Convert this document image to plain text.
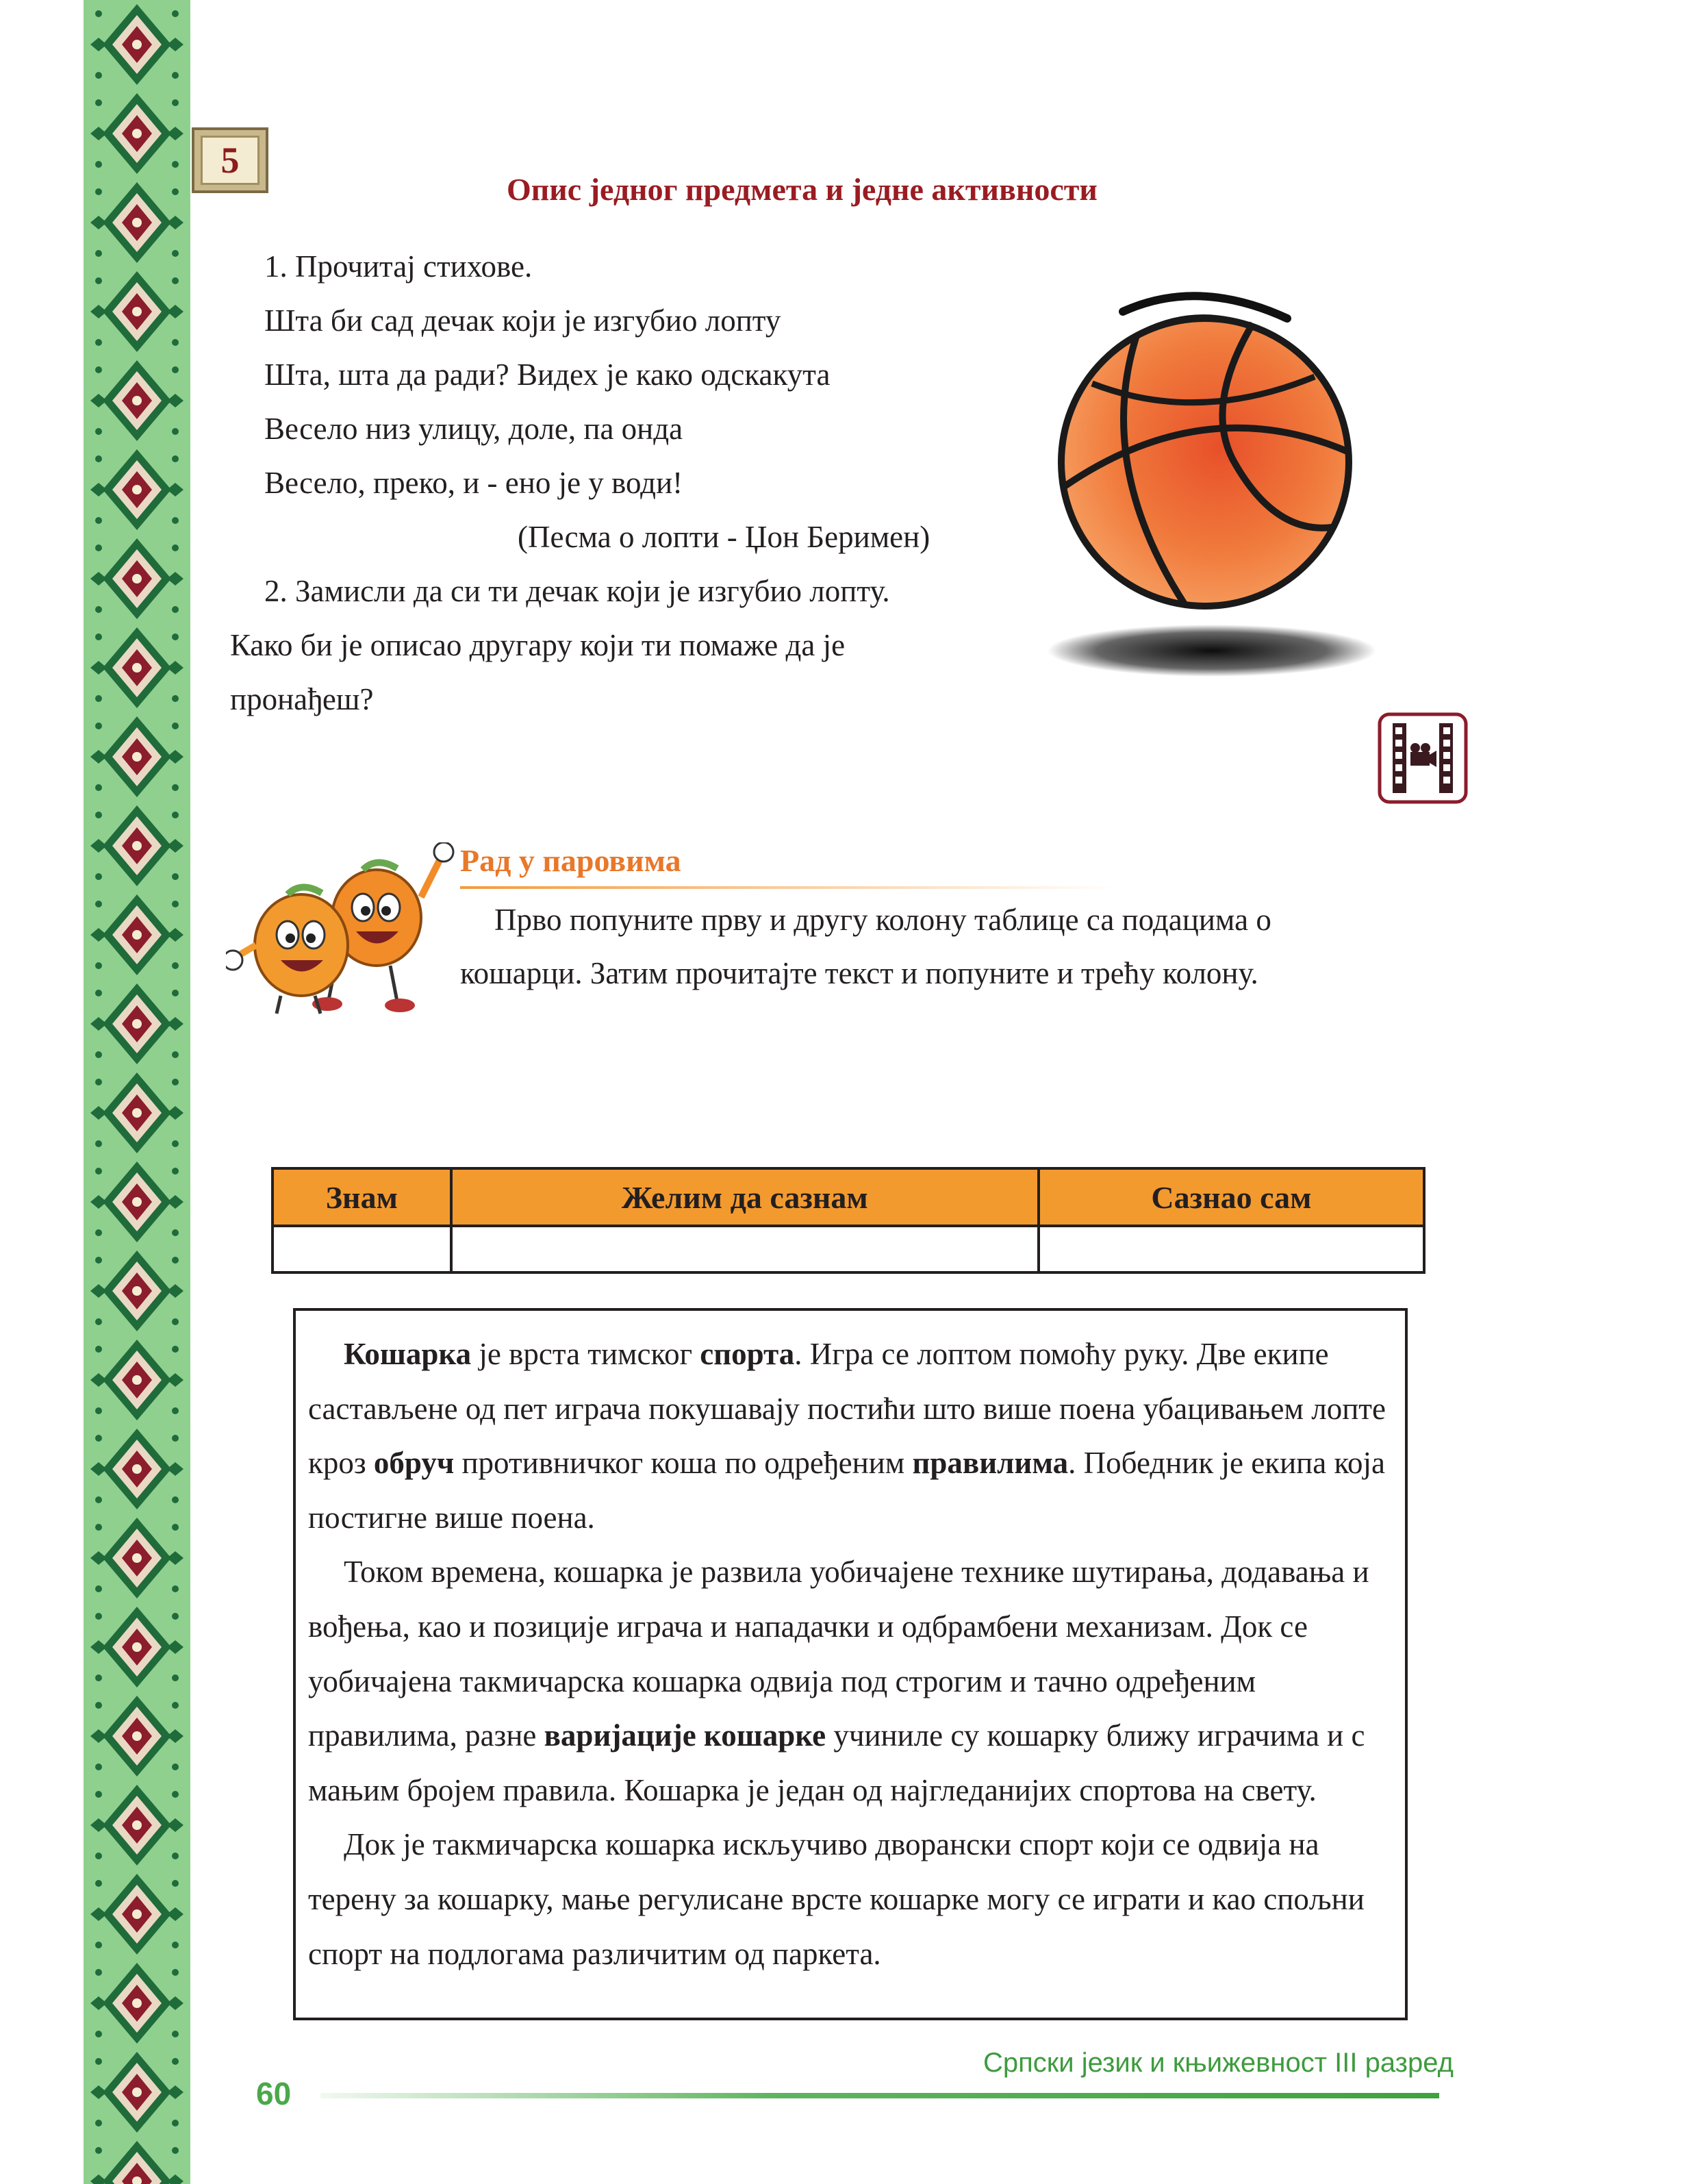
5
Опис једног предмета и једне активности
1. Прочитај стихове.
Шта би сад дечак који је изгубио лопту
Шта, шта да ради? Видех је како одскакута
Весело низ улицу, доле, па онда
Весело, преко, и - ено је у води!
(Песма о лопти - Џон Беримен)
2. Замисли да си ти дечак који је изгубио лопту.
Како би је описао другару који ти помаже да је
пронађеш?
Рад у паровима
Прво попуните прву и другу колону таблице са подацима о
кошарци. Затим прочитајте текст и попуните и трећу колону.
Знам	Желим да сазнам	Сазнао сам

Кошарка је врста тимског спорта. Игра се лоптом помоћу руку. Две екипе састављене од пет играча покушавају постићи што више поена убацивањем лопте кроз обруч противничког коша по одређеним правилима. Победник је екипа која постигне више поена.

Током времена, кошарка је развила уобичајене технике шутирања, додавања и вођења, као и позиције играча и нападачки и одбрамбени механизам. Док се уобичајена такмичарска кошарка одвија под строгим и тачно одређеним правилима, разне варијације кошарке учиниле су кошарку ближу играчима и с мањим бројем правила. Кошарка је један од најгледанијих спортова на свету.

Док је такмичарска кошарка искључиво дворански спорт који се одвија на терену за кошарку, мање регулисане врсте кошарке могу се играти и као спољни спорт на подлогама различитим од паркета.

Српски језик и књижевност III разред
60
